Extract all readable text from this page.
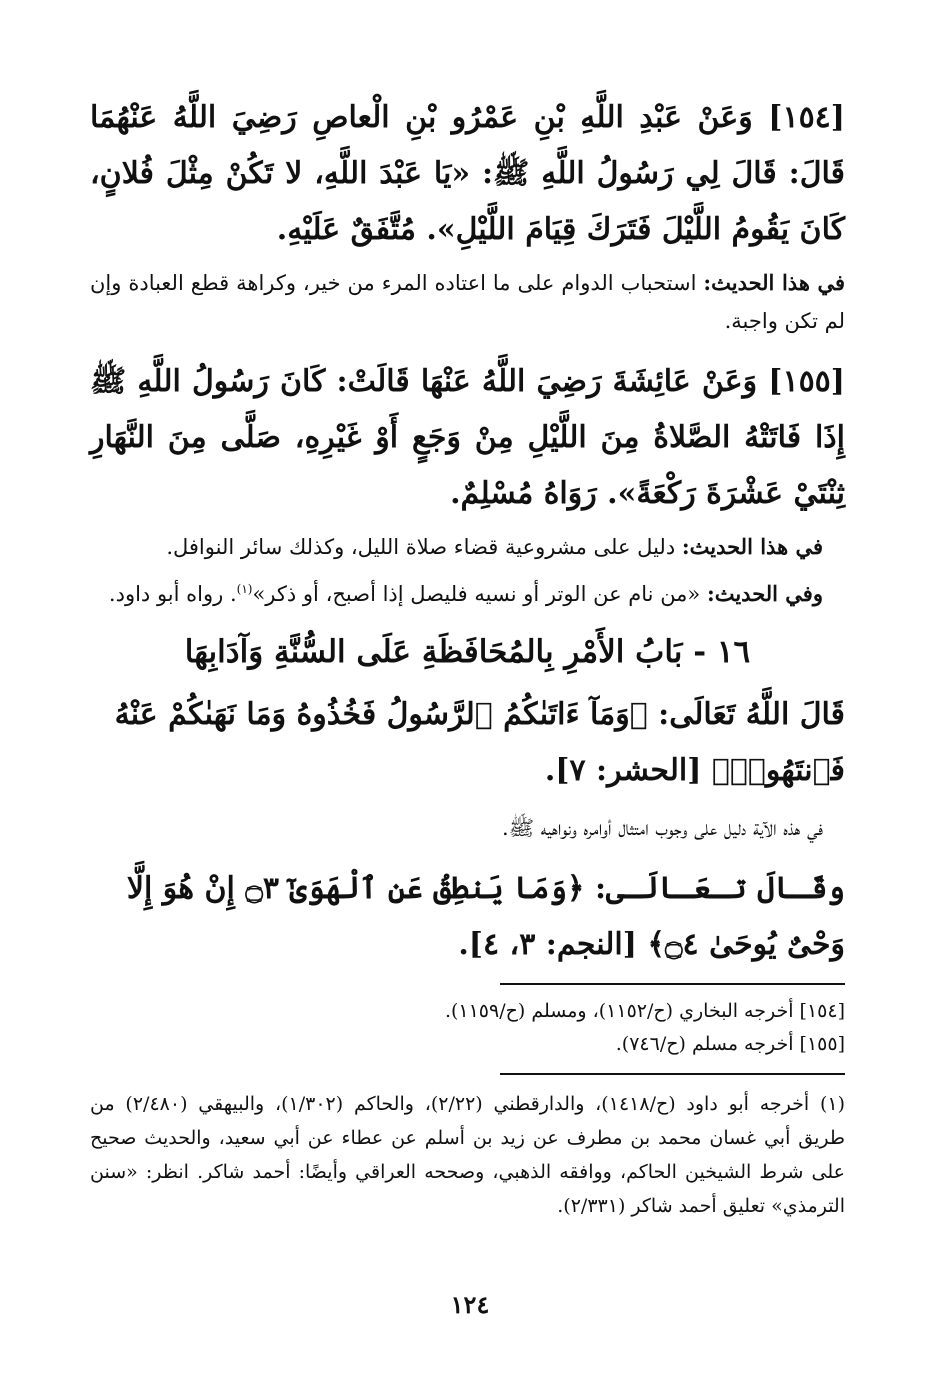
[١٥٤] وَعَنْ عَبْدِ اللَّهِ بْنِ عَمْرُو بْنِ الْعاصِ رَضِيَ اللَّهُ عَنْهُمَا قَالَ: قَالَ لِي رَسُولُ اللَّهِ ﷺ: «يَا عَبْدَ اللَّهِ، لا تَكُنْ مِثْلَ فُلانٍ، كَانَ يَقُومُ اللَّيْلَ فَتَرَكَ قِيَامَ اللَّيْلِ». مُتَّفَقٌ عَلَيْهِ.

في هذا الحديث: استحباب الدوام على ما اعتاده المرء من خير، وكراهة قطع العبادة وإن لم تكن واجبة.

[١٥٥] وَعَنْ عَائِشَةَ رَضِيَ اللَّهُ عَنْهَا قَالَتْ: كَانَ رَسُولُ اللَّهِ ﷺ إِذَا فَاتَتْهُ الصَّلاةُ مِنَ اللَّيْلِ مِنْ وَجَعٍ أَوْ غَيْرِهِ، صَلَّى مِنَ النَّهَارِ ثِنْتَيْ عَشْرَةَ رَكْعَةً». رَوَاهُ مُسْلِمٌ.

في هذا الحديث: دليل على مشروعية قضاء صلاة الليل، وكذلك سائر النوافل.

وفي الحديث: «من نام عن الوتر أو نسيه فليصل إذا أصبح، أو ذكر»$^{(١)}$. رواه أبو داود.

١٦ - بَابُ الأَمْرِ بِالمُحَافَظَةِ عَلَى السُّنَّةِ وَآدَابِهَا

قَالَ اللَّهُ تَعَالَى: ﴿وَمَآ ءَاتَىٰكُمُ ٱلرَّسُولُ فَخُذُوهُ وَمَا نَهَىٰكُمْ عَنْهُ فَٱنتَهُوا۟﴾ [الحشر: ٧].

في هذه الآية دليل على وجوب امتثال أوامره ونواهيه ﷺ.

وقَـالَ تـعَـالَـى: ﴿وَمَا يَنطِقُ عَنِ ٱلْهَوَىٰٓ ۝٣ إِنْ هُوَ إِلَّا وَحْىٌ يُوحَىٰ ۝٤﴾ [النجم: ٣، ٤].

[١٥٤] أخرجه البخاري (ح/١١٥٢)، ومسلم (ح/١١٥٩).
[١٥٥] أخرجه مسلم (ح/٧٤٦).

(١) أخرجه أبو داود (ح/١٤١٨)، والدارقطني (٢/٢٢)، والحاكم (١/٣٠٢)، والبيهقي (٢/٤٨٠) من طريق أبي غسان محمد بن مطرف عن زيد بن أسلم عن عطاء عن أبي سعيد، والحديث صحيح على شرط الشيخين الحاكم، ووافقه الذهبي، وصححه العراقي وأيضًا: أحمد شاكر. انظر: «سنن الترمذي» تعليق أحمد شاكر (٢/٣٣١).

١٢٤
